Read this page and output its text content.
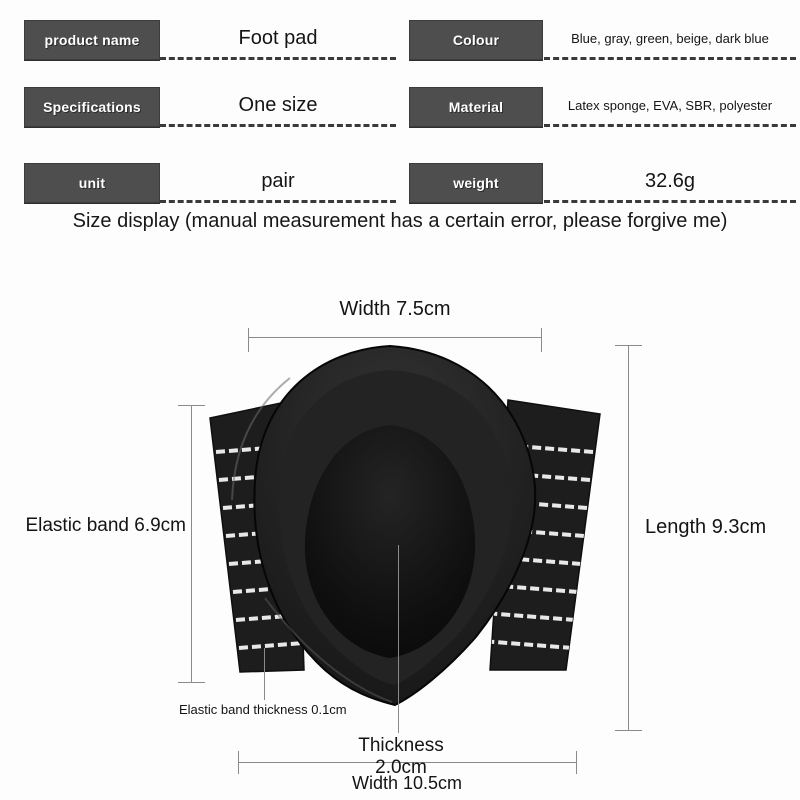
product name	Foot pad	Colour	Blue, gray, green, beige, dark blue
Specifications	One size	Material	Latex sponge, EVA, SBR, polyester
unit	pair	weight	32.6g
Size display (manual measurement has a certain error, please forgive me)
Width 7.5cm
Elastic band 6.9cm	Length 9.3cm
Elastic band thickness 0.1cm
Thickness 2.0cm
Width 10.5cm
